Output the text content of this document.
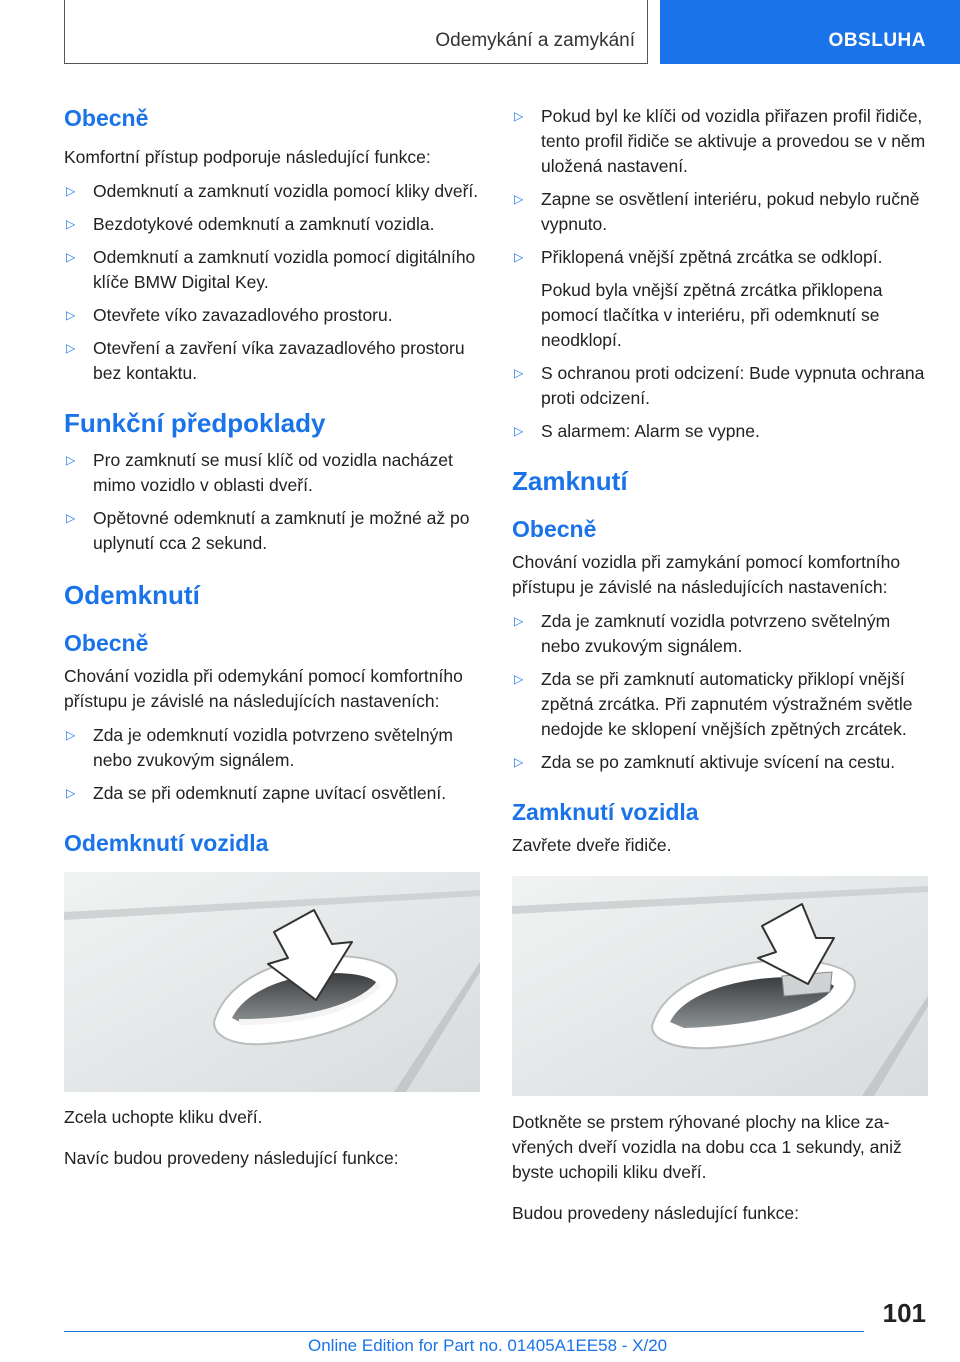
Odemykání a zamykání	OBSLUHA
Obecně

Komfortní přístup podporuje následující funkce:

▷ Odemknutí a zamknutí vozidla pomocí kliky dveří.
▷ Bezdotykové odemknutí a zamknutí vozidla.
▷ Odemknutí a zamknutí vozidla pomocí digitálního klíče BMW Digital Key.
▷ Otevřete víko zavazadlového prostoru.
▷ Otevření a zavření víka zavazadlového prostoru bez kontaktu.
Funkční předpoklady
▷ Pro zamknutí se musí klíč od vozidla nacházet mimo vozidlo v oblasti dveří.
▷ Opětovné odemknutí a zamknutí je možné až po uplynutí cca 2 sekund.
Odemknutí
Obecně

Chování vozidla při odemykání pomocí komfortního přístupu je závislé na následujících nastaveních:

▷ Zda je odemknutí vozidla potvrzeno světelným nebo zvukovým signálem.
▷ Zda se při odemknutí zapne uvítací osvětlení.
Odemknutí vozidla

Zcela uchopte kliku dveří.

Navíc budou provedeny následující funkce:

▷ Pokud byl ke klíči od vozidla přiřazen profil řidiče, tento profil řidiče se aktivuje a provedou se v něm uložená nastavení.
▷ Zapne se osvětlení interiéru, pokud nebylo ručně vypnuto.
▷ Přiklopená vnější zpětná zrcátka se odklopí.

Pokud byla vnější zpětná zrcátka přiklopena pomocí tlačítka v interiéru, při odemknutí se neodklopí.

▷ S ochranou proti odcizení: Bude vypnuta ochrana proti odcizení.
▷ S alarmem: Alarm se vypne.
Zamknutí
Obecně

Chování vozidla při zamykání pomocí komfortního přístupu je závislé na následujících nastaveních:

▷ Zda je zamknutí vozidla potvrzeno světelným nebo zvukovým signálem.
▷ Zda se při zamknutí automaticky přiklopí vnější zpětná zrcátka. Při zapnutém výstražném světle nedojde ke sklopení vnějších zpětných zrcátek.
▷ Zda se po zamknutí aktivuje svícení na cestu.
Zamknutí vozidla

Zavřete dveře řidiče.

Dotkněte se prstem rýhované plochy na klice zavřených dveří vozidla na dobu cca 1 sekundy, aniž byste uchopili kliku dveří.

Budou provedeny následující funkce:

101
Online Edition for Part no. 01405A1EE58 - X/20
